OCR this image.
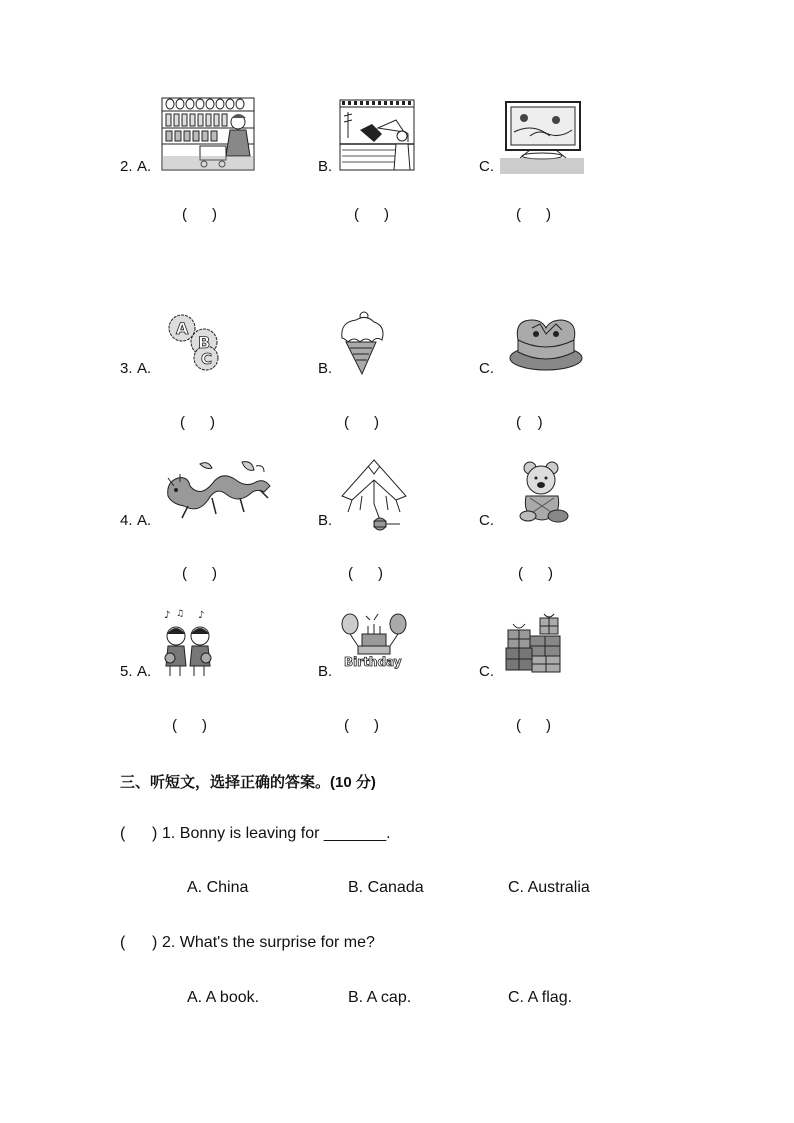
2. A.
(      )
B.
(      )
C.
(      )
3. A.
A
B
C
(      )
B.
(      )
C.
(    )
4. A.
(      )
B.
(      )
C.
(      )
5. A.
♪ ♫ ♪
(      )
B.
Birthday
(      )
C.
(      )
三、听短文，选择正确的答案。(10 分)
(      ) 1. Bonny is leaving for _______.
A. China	B. Canada	C. Australia
(      ) 2. What's the surprise for me?
A. A book.	B. A cap.	C. A flag.
